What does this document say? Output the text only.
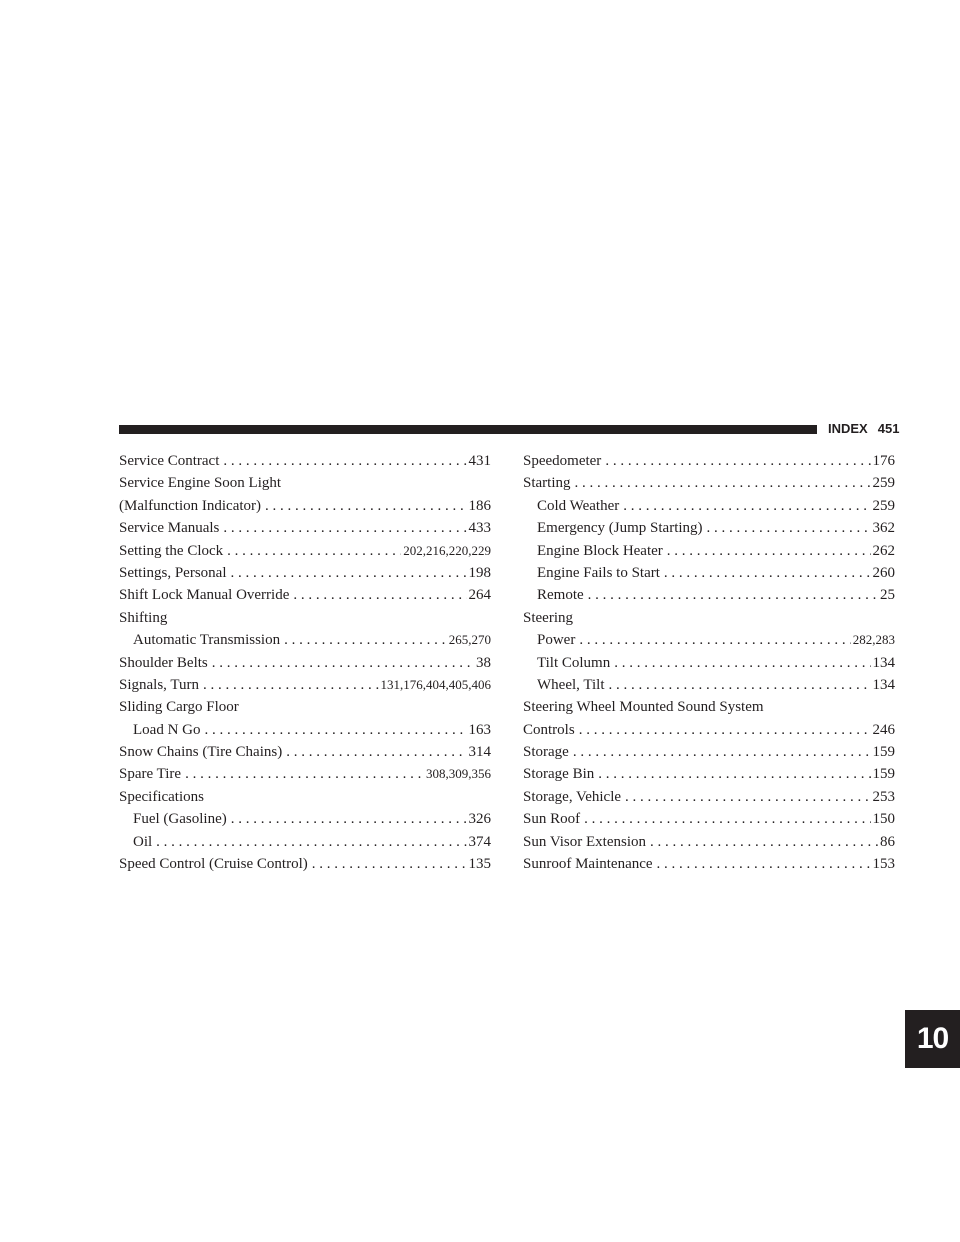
INDEX 451
Service Contract . . .	431
Service Engine Soon Light
(Malfunction Indicator) . . .	186
Service Manuals . . .	433
Setting the Clock . . .	202,216,220,229
Settings, Personal . . .	198
Shift Lock Manual Override . . .	264
Shifting
Automatic Transmission . . .	265,270
Shoulder Belts . . .	38
Signals, Turn . . .	131,176,404,405,406
Sliding Cargo Floor
Load N Go . . .	163
Snow Chains (Tire Chains) . . .	314
Spare Tire . . .	308,309,356
Specifications
Fuel (Gasoline) . . .	326
Oil . . .	374
Speed Control (Cruise Control) . . .	135
Speedometer . . .	176
Starting . . .	259
Cold Weather . . .	259
Emergency (Jump Starting) . . .	362
Engine Block Heater . . .	262
Engine Fails to Start . . .	260
Remote . . .	25
Steering
Power . . .	282,283
Tilt Column . . .	134
Wheel, Tilt . . .	134
Steering Wheel Mounted Sound System
Controls . . .	246
Storage . . .	159
Storage Bin . . .	159
Storage, Vehicle . . .	253
Sun Roof . . .	150
Sun Visor Extension . . .	86
Sunroof Maintenance . . .	153
10
